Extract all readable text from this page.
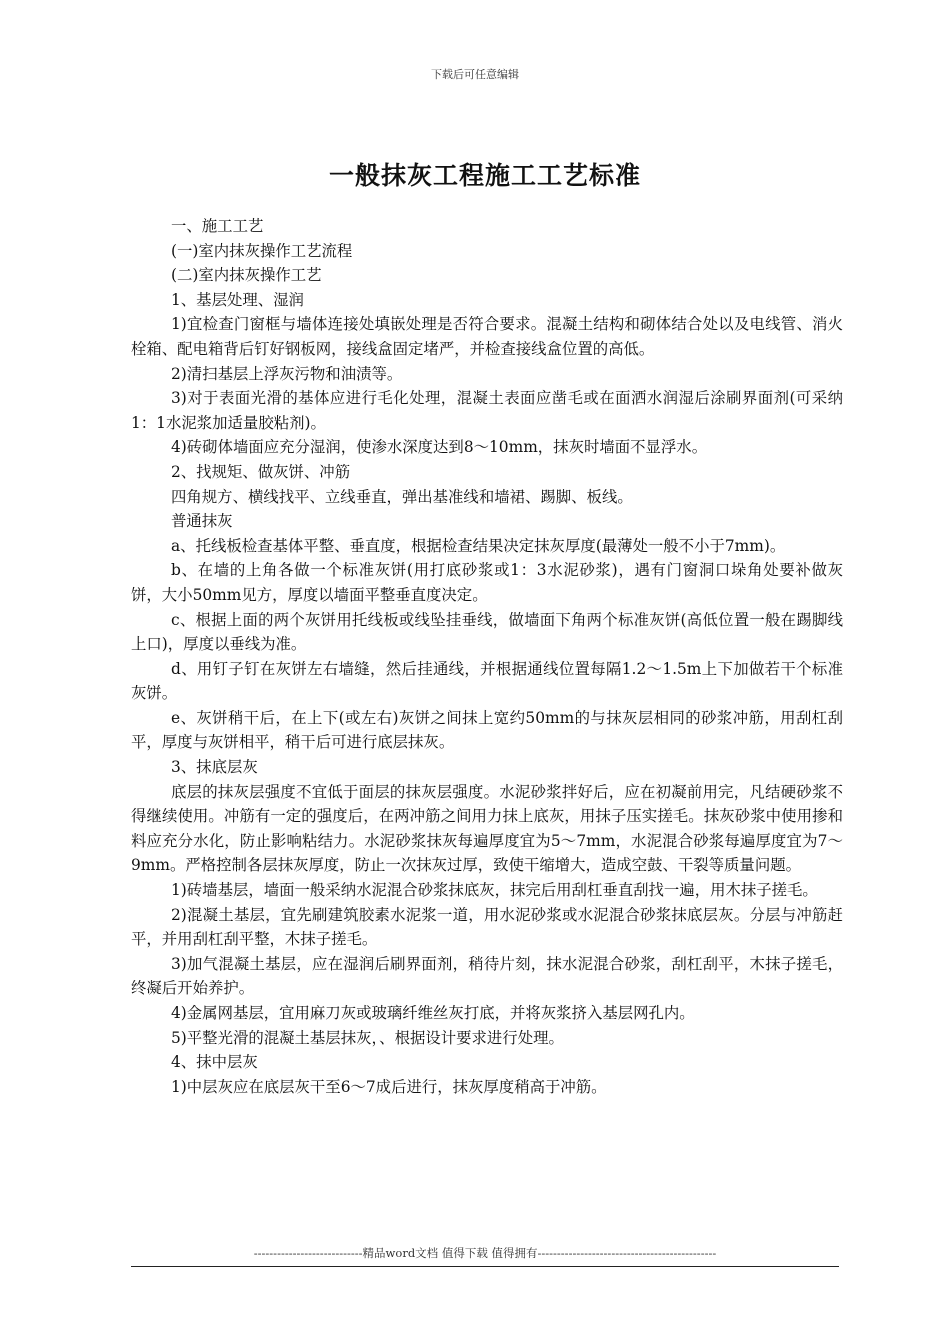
下载后可任意编辑
一般抹灰工程施工工艺标准

一、施工工艺

(一)室内抹灰操作工艺流程

(二)室内抹灰操作工艺

1、基层处理、湿润

1)宜检查门窗框与墙体连接处填嵌处理是否符合要求。混凝土结构和砌体结合处以及电线管、消火栓箱、配电箱背后钉好钢板网，接线盒固定堵严，并检查接线盒位置的高低。

2)清扫基层上浮灰污物和油渍等。

3)对于表面光滑的基体应进行毛化处理，混凝土表面应凿毛或在面洒水润湿后涂刷界面剂(可采纳1：1水泥浆加适量胶粘剂)。

4)砖砌体墙面应充分湿润，使渗水深度达到8～10mm，抹灰时墙面不显浮水。

2、找规矩、做灰饼、冲筋

四角规方、横线找平、立线垂直，弹出基准线和墙裙、踢脚、板线。

普通抹灰

a、托线板检查基体平整、垂直度，根据检查结果决定抹灰厚度(最薄处一般不小于7mm)。

b、在墙的上角各做一个标准灰饼(用打底砂浆或1：3水泥砂浆)，遇有门窗洞口垛角处要补做灰饼，大小50mm见方，厚度以墙面平整垂直度决定。

c、根据上面的两个灰饼用托线板或线坠挂垂线，做墙面下角两个标准灰饼(高低位置一般在踢脚线上口)，厚度以垂线为准。

d、用钉子钉在灰饼左右墙缝，然后挂通线，并根据通线位置每隔1.2～1.5m上下加做若干个标准灰饼。

e、灰饼稍干后，在上下(或左右)灰饼之间抹上宽约50mm的与抹灰层相同的砂浆冲筋，用刮杠刮平，厚度与灰饼相平，稍干后可进行底层抹灰。

3、抹底层灰

底层的抹灰层强度不宜低于面层的抹灰层强度。水泥砂浆拌好后，应在初凝前用完，凡结硬砂浆不得继续使用。冲筋有一定的强度后，在两冲筋之间用力抹上底灰，用抹子压实搓毛。抹灰砂浆中使用掺和料应充分水化，防止影响粘结力。水泥砂浆抹灰每遍厚度宜为5～7mm，水泥混合砂浆每遍厚度宜为7～9mm。严格控制各层抹灰厚度，防止一次抹灰过厚，致使干缩增大，造成空鼓、干裂等质量问题。

1)砖墙基层，墙面一般采纳水泥混合砂浆抹底灰，抹完后用刮杠垂直刮找一遍，用木抹子搓毛。

2)混凝土基层，宜先刷建筑胶素水泥浆一道，用水泥砂浆或水泥混合砂浆抹底层灰。分层与冲筋赶平，并用刮杠刮平整，木抹子搓毛。

3)加气混凝土基层，应在湿润后刷界面剂，稍待片刻，抹水泥混合砂浆，刮杠刮平，木抹子搓毛，终凝后开始养护。

4)金属网基层，宜用麻刀灰或玻璃纤维丝灰打底，并将灰浆挤入基层网孔内。

5)平整光滑的混凝土基层抹灰，、根据设计要求进行处理。

4、抹中层灰

1)中层灰应在底层灰干至6～7成后进行，抹灰厚度稍高于冲筋。

----------------------------精品word文档 值得下载 值得拥有----------------------------------------------
